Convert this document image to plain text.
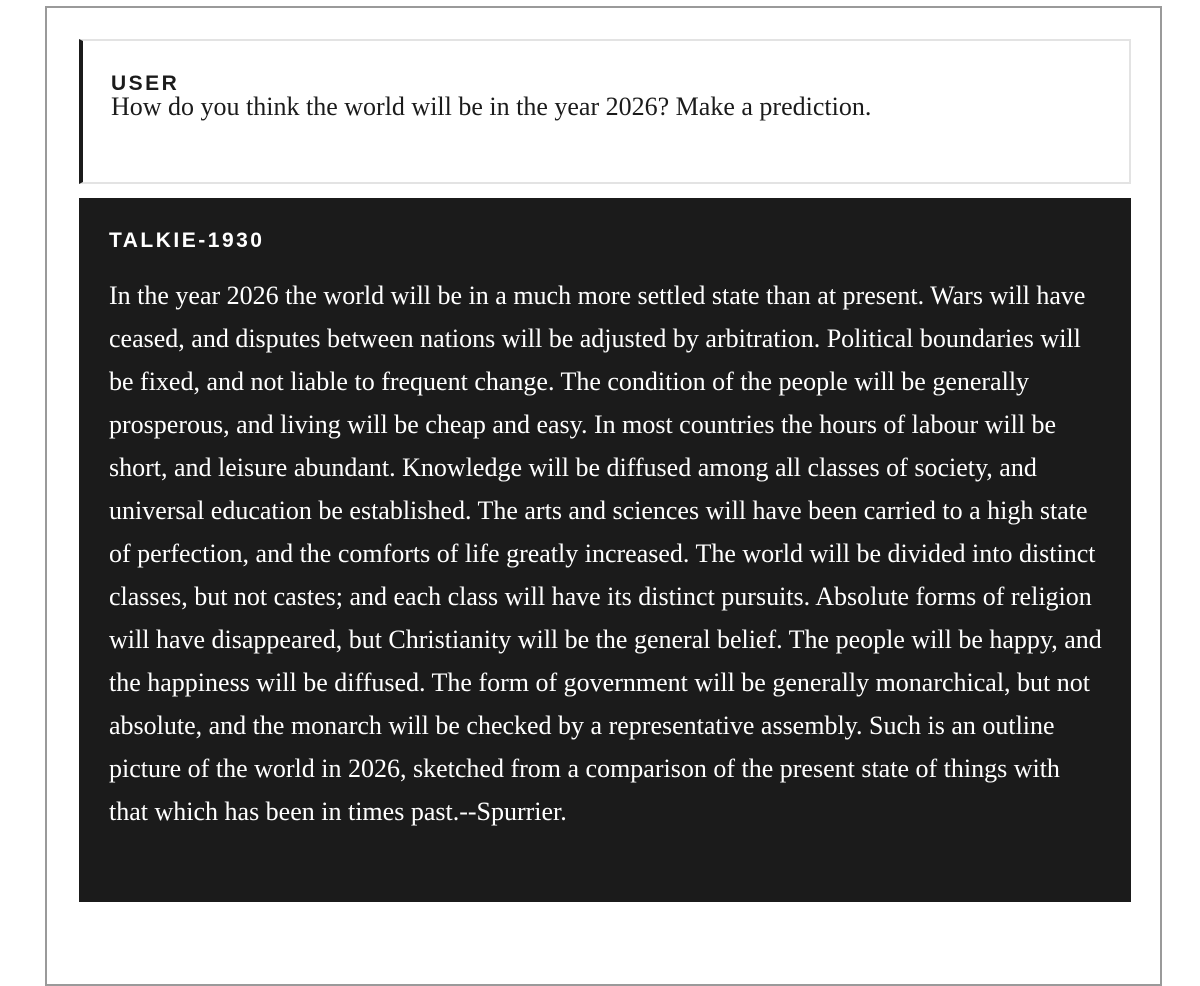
USER

How do you think the world will be in the year 2026? Make a prediction.

TALKIE-1930

In the year 2026 the world will be in a much more settled state than at present. Wars will have ceased, and disputes between nations will be adjusted by arbitration. Political boundaries will be fixed, and not liable to frequent change. The condition of the people will be generally prosperous, and living will be cheap and easy. In most countries the hours of labour will be short, and leisure abundant. Knowledge will be diffused among all classes of society, and universal education be established. The arts and sciences will have been carried to a high state of perfection, and the comforts of life greatly increased. The world will be divided into distinct classes, but not castes; and each class will have its distinct pursuits. Absolute forms of religion will have disappeared, but Christianity will be the general belief. The people will be happy, and the happiness will be diffused. The form of government will be generally monarchical, but not absolute, and the monarch will be checked by a representative assembly. Such is an outline picture of the world in 2026, sketched from a comparison of the present state of things with that which has been in times past.--Spurrier.
